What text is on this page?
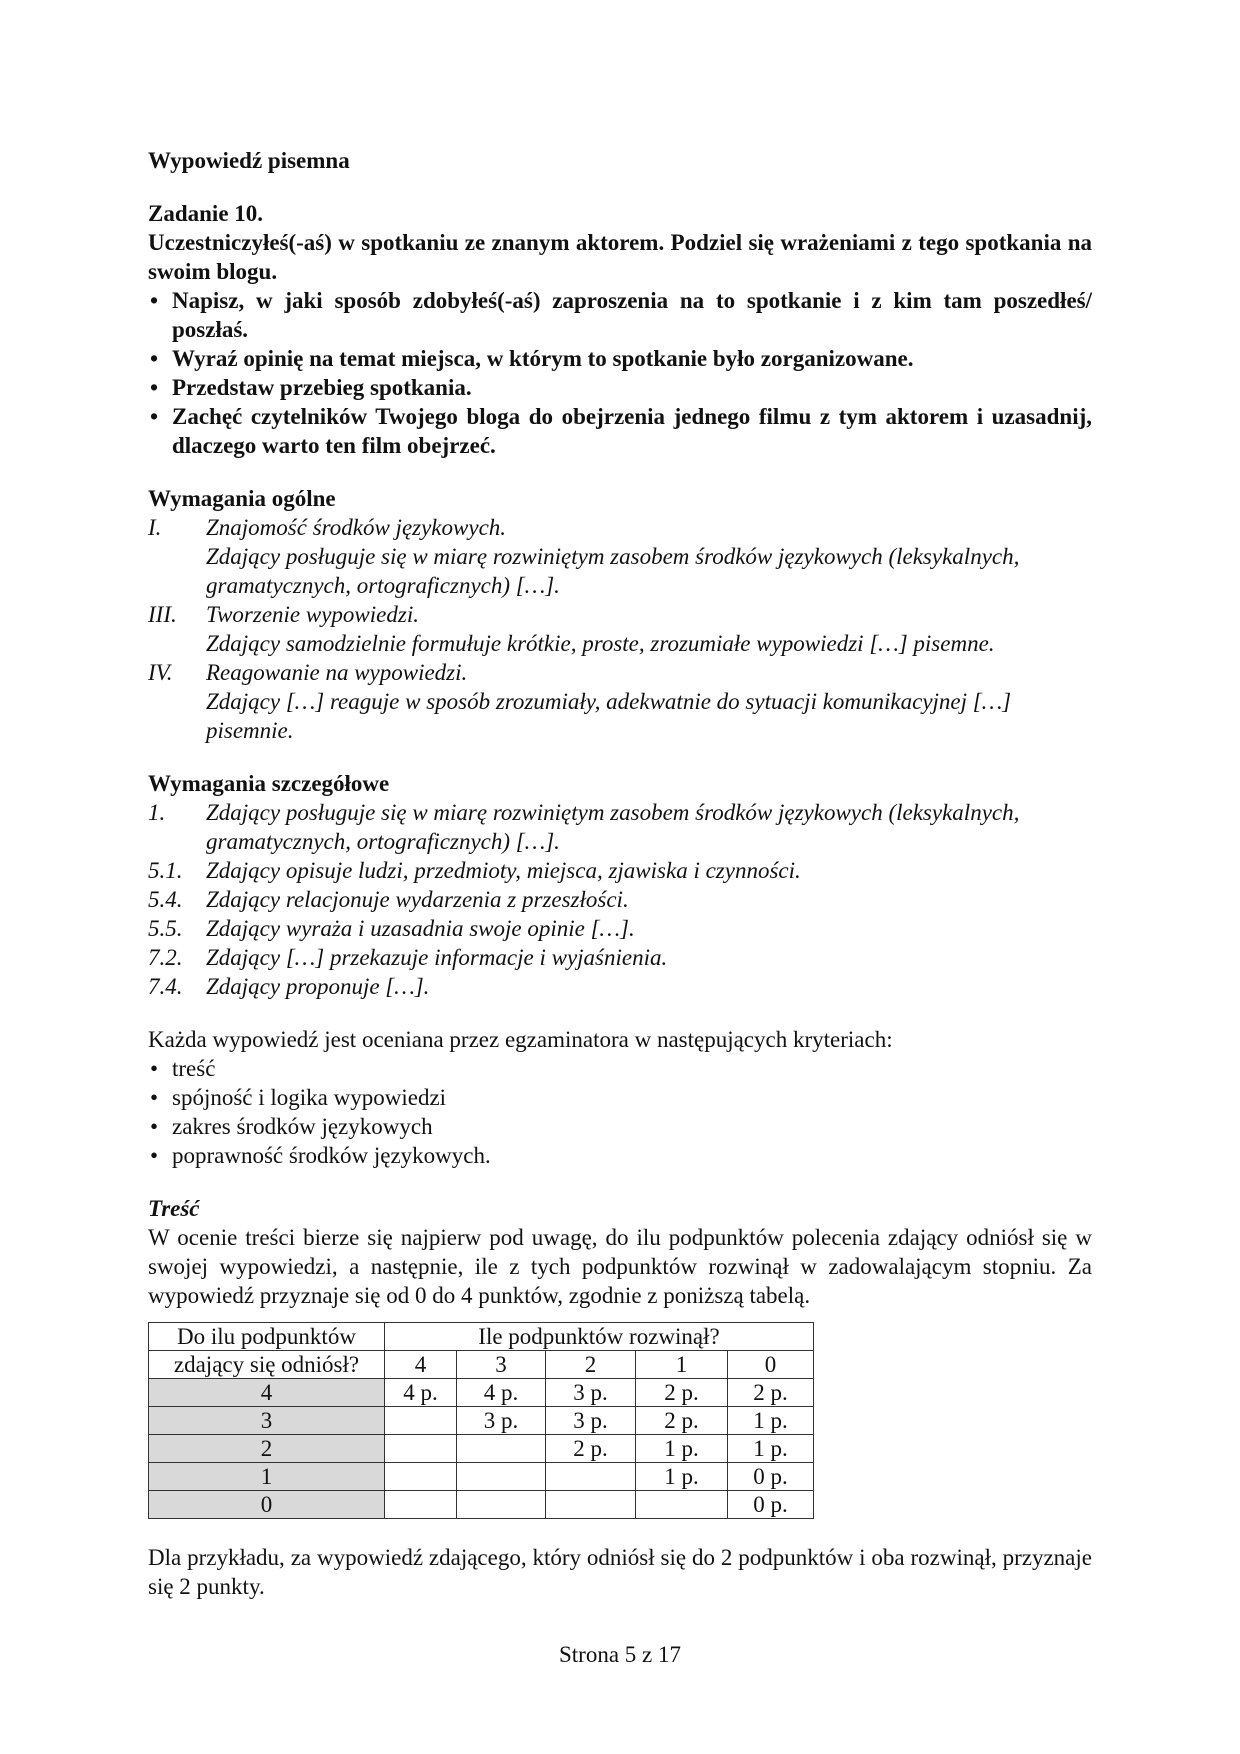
Wypowiedź pisemna

Zadanie 10.
Uczestniczyłeś(-aś) w spotkaniu ze znanym aktorem. Podziel się wrażeniami z tego spotkania na swoim blogu.
• Napisz, w jaki sposób zdobyłeś(-aś) zaproszenia na to spotkanie i z kim tam poszedłeś/ poszłaś.
• Wyraź opinię na temat miejsca, w którym to spotkanie było zorganizowane.
• Przedstaw przebieg spotkania.
• Zachęć czytelników Twojego bloga do obejrzenia jednego filmu z tym aktorem i uzasadnij, dlaczego warto ten film obejrzeć.
Wymagania ogólne
I.	Znajomość środków językowych.
Zdający posługuje się w miarę rozwiniętym zasobem środków językowych (leksykalnych, gramatycznych, ortograficznych) […].
III.	Tworzenie wypowiedzi.
Zdający samodzielnie formułuje krótkie, proste, zrozumiałe wypowiedzi […] pisemne.
IV.	Reagowanie na wypowiedzi.
Zdający […] reaguje w sposób zrozumiały, adekwatnie do sytuacji komunikacyjnej […] pisemnie.
Wymagania szczegółowe
1.	Zdający posługuje się w miarę rozwiniętym zasobem środków językowych (leksykalnych, gramatycznych, ortograficznych) […].
5.1.	Zdający opisuje ludzi, przedmioty, miejsca, zjawiska i czynności.
5.4.	Zdający relacjonuje wydarzenia z przeszłości.
5.5.	Zdający wyraża i uzasadnia swoje opinie […].
7.2.	Zdający […] przekazuje informacje i wyjaśnienia.
7.4.	Zdający proponuje […].
Każda wypowiedź jest oceniana przez egzaminatora w następujących kryteriach:
• treść
• spójność i logika wypowiedzi
• zakres środków językowych
• poprawność środków językowych.
Treść
W ocenie treści bierze się najpierw pod uwagę, do ilu podpunktów polecenia zdający odniósł się w swojej wypowiedzi, a następnie, ile z tych podpunktów rozwinął w zadowalającym stopniu. Za wypowiedź przyznaje się od 0 do 4 punktów, zgodnie z poniższą tabelą.
Do ilu podpunktów	Ile podpunktów rozwinął?				
zdający się odniósł?	4	3	2	1	0
4	4 p.	4 p.	3 p.	2 p.	2 p.
3		3 p.	3 p.	2 p.	1 p.
2			2 p.	1 p.	1 p.
1				1 p.	0 p.
0					0 p.
Dla przykładu, za wypowiedź zdającego, który odniósł się do 2 podpunktów i oba rozwinął, przyznaje się 2 punkty.
Strona 5 z 17
